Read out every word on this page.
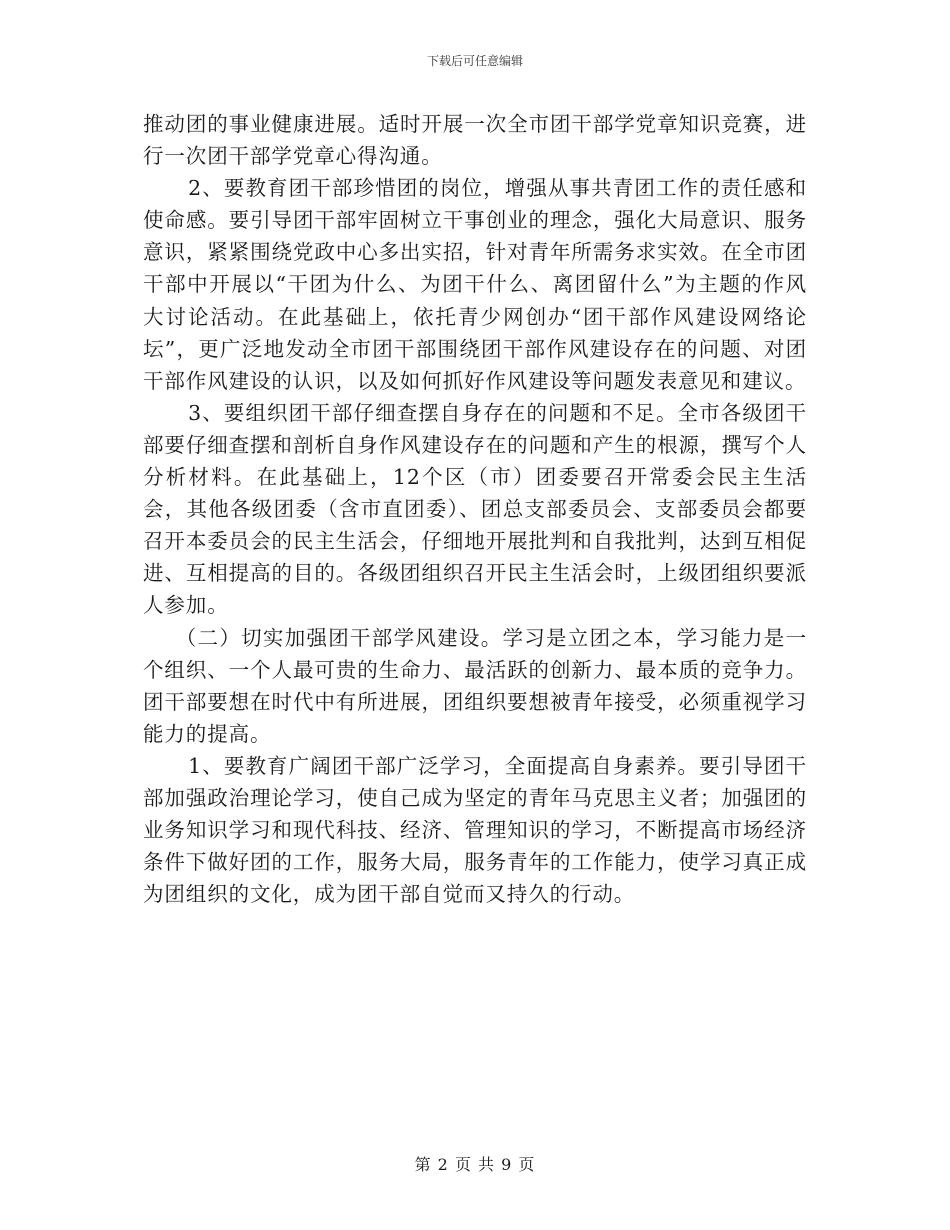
下载后可任意编辑

推动团的事业健康进展。适时开展一次全市团干部学党章知识竞赛，进行一次团干部学党章心得沟通。

2、要教育团干部珍惜团的岗位，增强从事共青团工作的责任感和使命感。要引导团干部牢固树立干事创业的理念，强化大局意识、服务意识，紧紧围绕党政中心多出实招，针对青年所需务求实效。在全市团干部中开展以“干团为什么、为团干什么、离团留什么”为主题的作风大讨论活动。在此基础上，依托青少网创办“团干部作风建设网络论坛”，更广泛地发动全市团干部围绕团干部作风建设存在的问题、对团干部作风建设的认识，以及如何抓好作风建设等问题发表意见和建议。

3、要组织团干部仔细查摆自身存在的问题和不足。全市各级团干部要仔细查摆和剖析自身作风建设存在的问题和产生的根源，撰写个人分析材料。在此基础上，12个区（市）团委要召开常委会民主生活会，其他各级团委（含市直团委）、团总支部委员会、支部委员会都要召开本委员会的民主生活会，仔细地开展批判和自我批判，达到互相促进、互相提高的目的。各级团组织召开民主生活会时，上级团组织要派人参加。

（二）切实加强团干部学风建设。学习是立团之本，学习能力是一个组织、一个人最可贵的生命力、最活跃的创新力、最本质的竞争力。团干部要想在时代中有所进展，团组织要想被青年接受，必须重视学习能力的提高。

1、要教育广阔团干部广泛学习，全面提高自身素养。要引导团干部加强政治理论学习，使自己成为坚定的青年马克思主义者；加强团的业务知识学习和现代科技、经济、管理知识的学习，不断提高市场经济条件下做好团的工作，服务大局，服务青年的工作能力，使学习真正成为团组织的文化，成为团干部自觉而又持久的行动。

第 2 页 共 9 页
